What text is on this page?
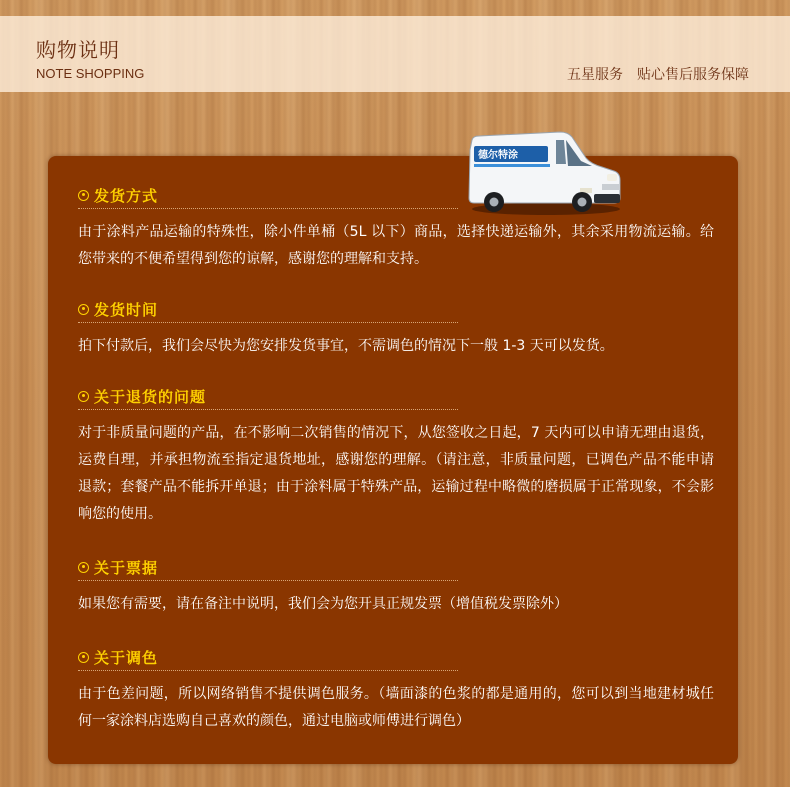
购物说明
NOTE SHOPPING	五星服务 贴心售后服务保障
德尔特涂
发货方式

由于涂料产品运输的特殊性，除小件单桶（5L 以下）商品，选择快递运输外，其余采用物流运输。给您带来的不便希望得到您的谅解，感谢您的理解和支持。

发货时间

拍下付款后，我们会尽快为您安排发货事宜，不需调色的情况下一般 1-3 天可以发货。

关于退货的问题

对于非质量问题的产品，在不影响二次销售的情况下，从您签收之日起，7 天内可以申请无理由退货，运费自理，并承担物流至指定退货地址，感谢您的理解。（请注意，非质量问题，已调色产品不能申请退款；套餐产品不能拆开单退；由于涂料属于特殊产品，运输过程中略微的磨损属于正常现象，不会影响您的使用。

关于票据

如果您有需要，请在备注中说明，我们会为您开具正规发票（增值税发票除外）

关于调色

由于色差问题，所以网络销售不提供调色服务。（墙面漆的色浆的都是通用的，您可以到当地建材城任何一家涂料店选购自己喜欢的颜色，通过电脑或师傅进行调色）
